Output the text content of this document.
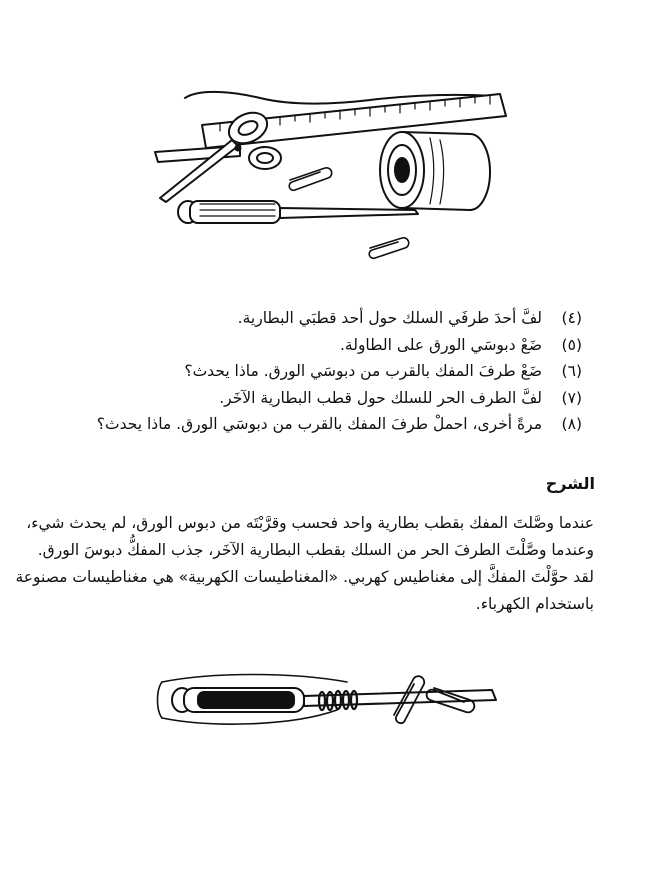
(٤)
لفَّ أحدَ طرفَي السلك حول أحد قطبَي البطارية.
(٥)
ضَعْ دبوسَي الورق على الطاولة.
(٦)
ضَعْ طرفَ المفك بالقرب من دبوسَي الورق. ماذا يحدث؟
(٧)
لفَّ الطرف الحر للسلك حول قطب البطارية الآخَر.
(٨)
مرةً أخرى، احملْ طرفَ المفك بالقرب من دبوسَي الورق. ماذا يحدث؟
الشرح

عندما وصَّلتَ المفك بقطب بطارية واحد فحسب وقرَّبْتَه من دبوس الورق، لم يحدث شيء،
وعندما وصَّلْتَ الطرفَ الحر من السلك بقطب البطارية الآخَر، جذب المفكُّ دبوسَ الورق.
لقد حوَّلْتَ المفكَّ إلى مغناطيس كهربي. «المغناطيسات الكهربية» هي مغناطيسات مصنوعة
باستخدام الكهرباء.
